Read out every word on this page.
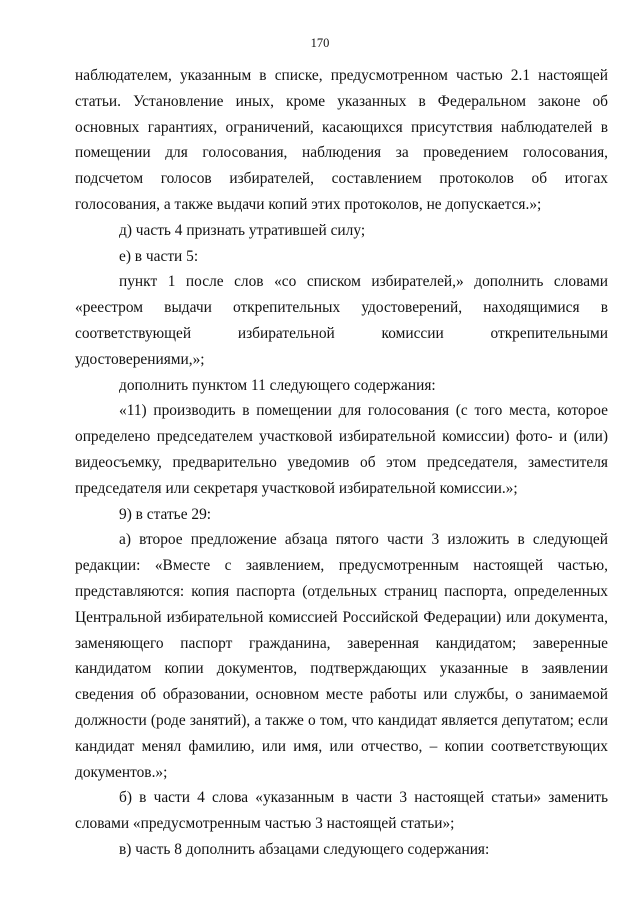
170

наблюдателем, указанным в списке, предусмотренном частью 2.1 настоящей статьи. Установление иных, кроме указанных в Федеральном законе об основных гарантиях, ограничений, касающихся присутствия наблюдателей в помещении для голосования, наблюдения за проведением голосования, подсчетом голосов избирателей, составлением протоколов об итогах голосования, а также выдачи копий этих протоколов, не допускается.»;

д) часть 4 признать утратившей силу;

е) в части 5:

пункт 1 после слов «со списком избирателей,» дополнить словами «реестром выдачи открепительных удостоверений, находящимися в соответствующей избирательной комиссии открепительными удостоверениями,»;

дополнить пунктом 11 следующего содержания:

«11) производить в помещении для голосования (с того места, которое определено председателем участковой избирательной комиссии) фото- и (или) видеосъемку, предварительно уведомив об этом председателя, заместителя председателя или секретаря участковой избирательной комиссии.»;

9) в статье 29:

а) второе предложение абзаца пятого части 3 изложить в следующей редакции: «Вместе с заявлением, предусмотренным настоящей частью, представляются: копия паспорта (отдельных страниц паспорта, определенных Центральной избирательной комиссией Российской Федерации) или документа, заменяющего паспорт гражданина, заверенная кандидатом; заверенные кандидатом копии документов, подтверждающих указанные в заявлении сведения об образовании, основном месте работы или службы, о занимаемой должности (роде занятий), а также о том, что кандидат является депутатом; если кандидат менял фамилию, или имя, или отчество, – копии соответствующих документов.»;

б) в части 4 слова «указанным в части 3 настоящей статьи» заменить словами «предусмотренным частью 3 настоящей статьи»;

в) часть 8 дополнить абзацами следующего содержания:
